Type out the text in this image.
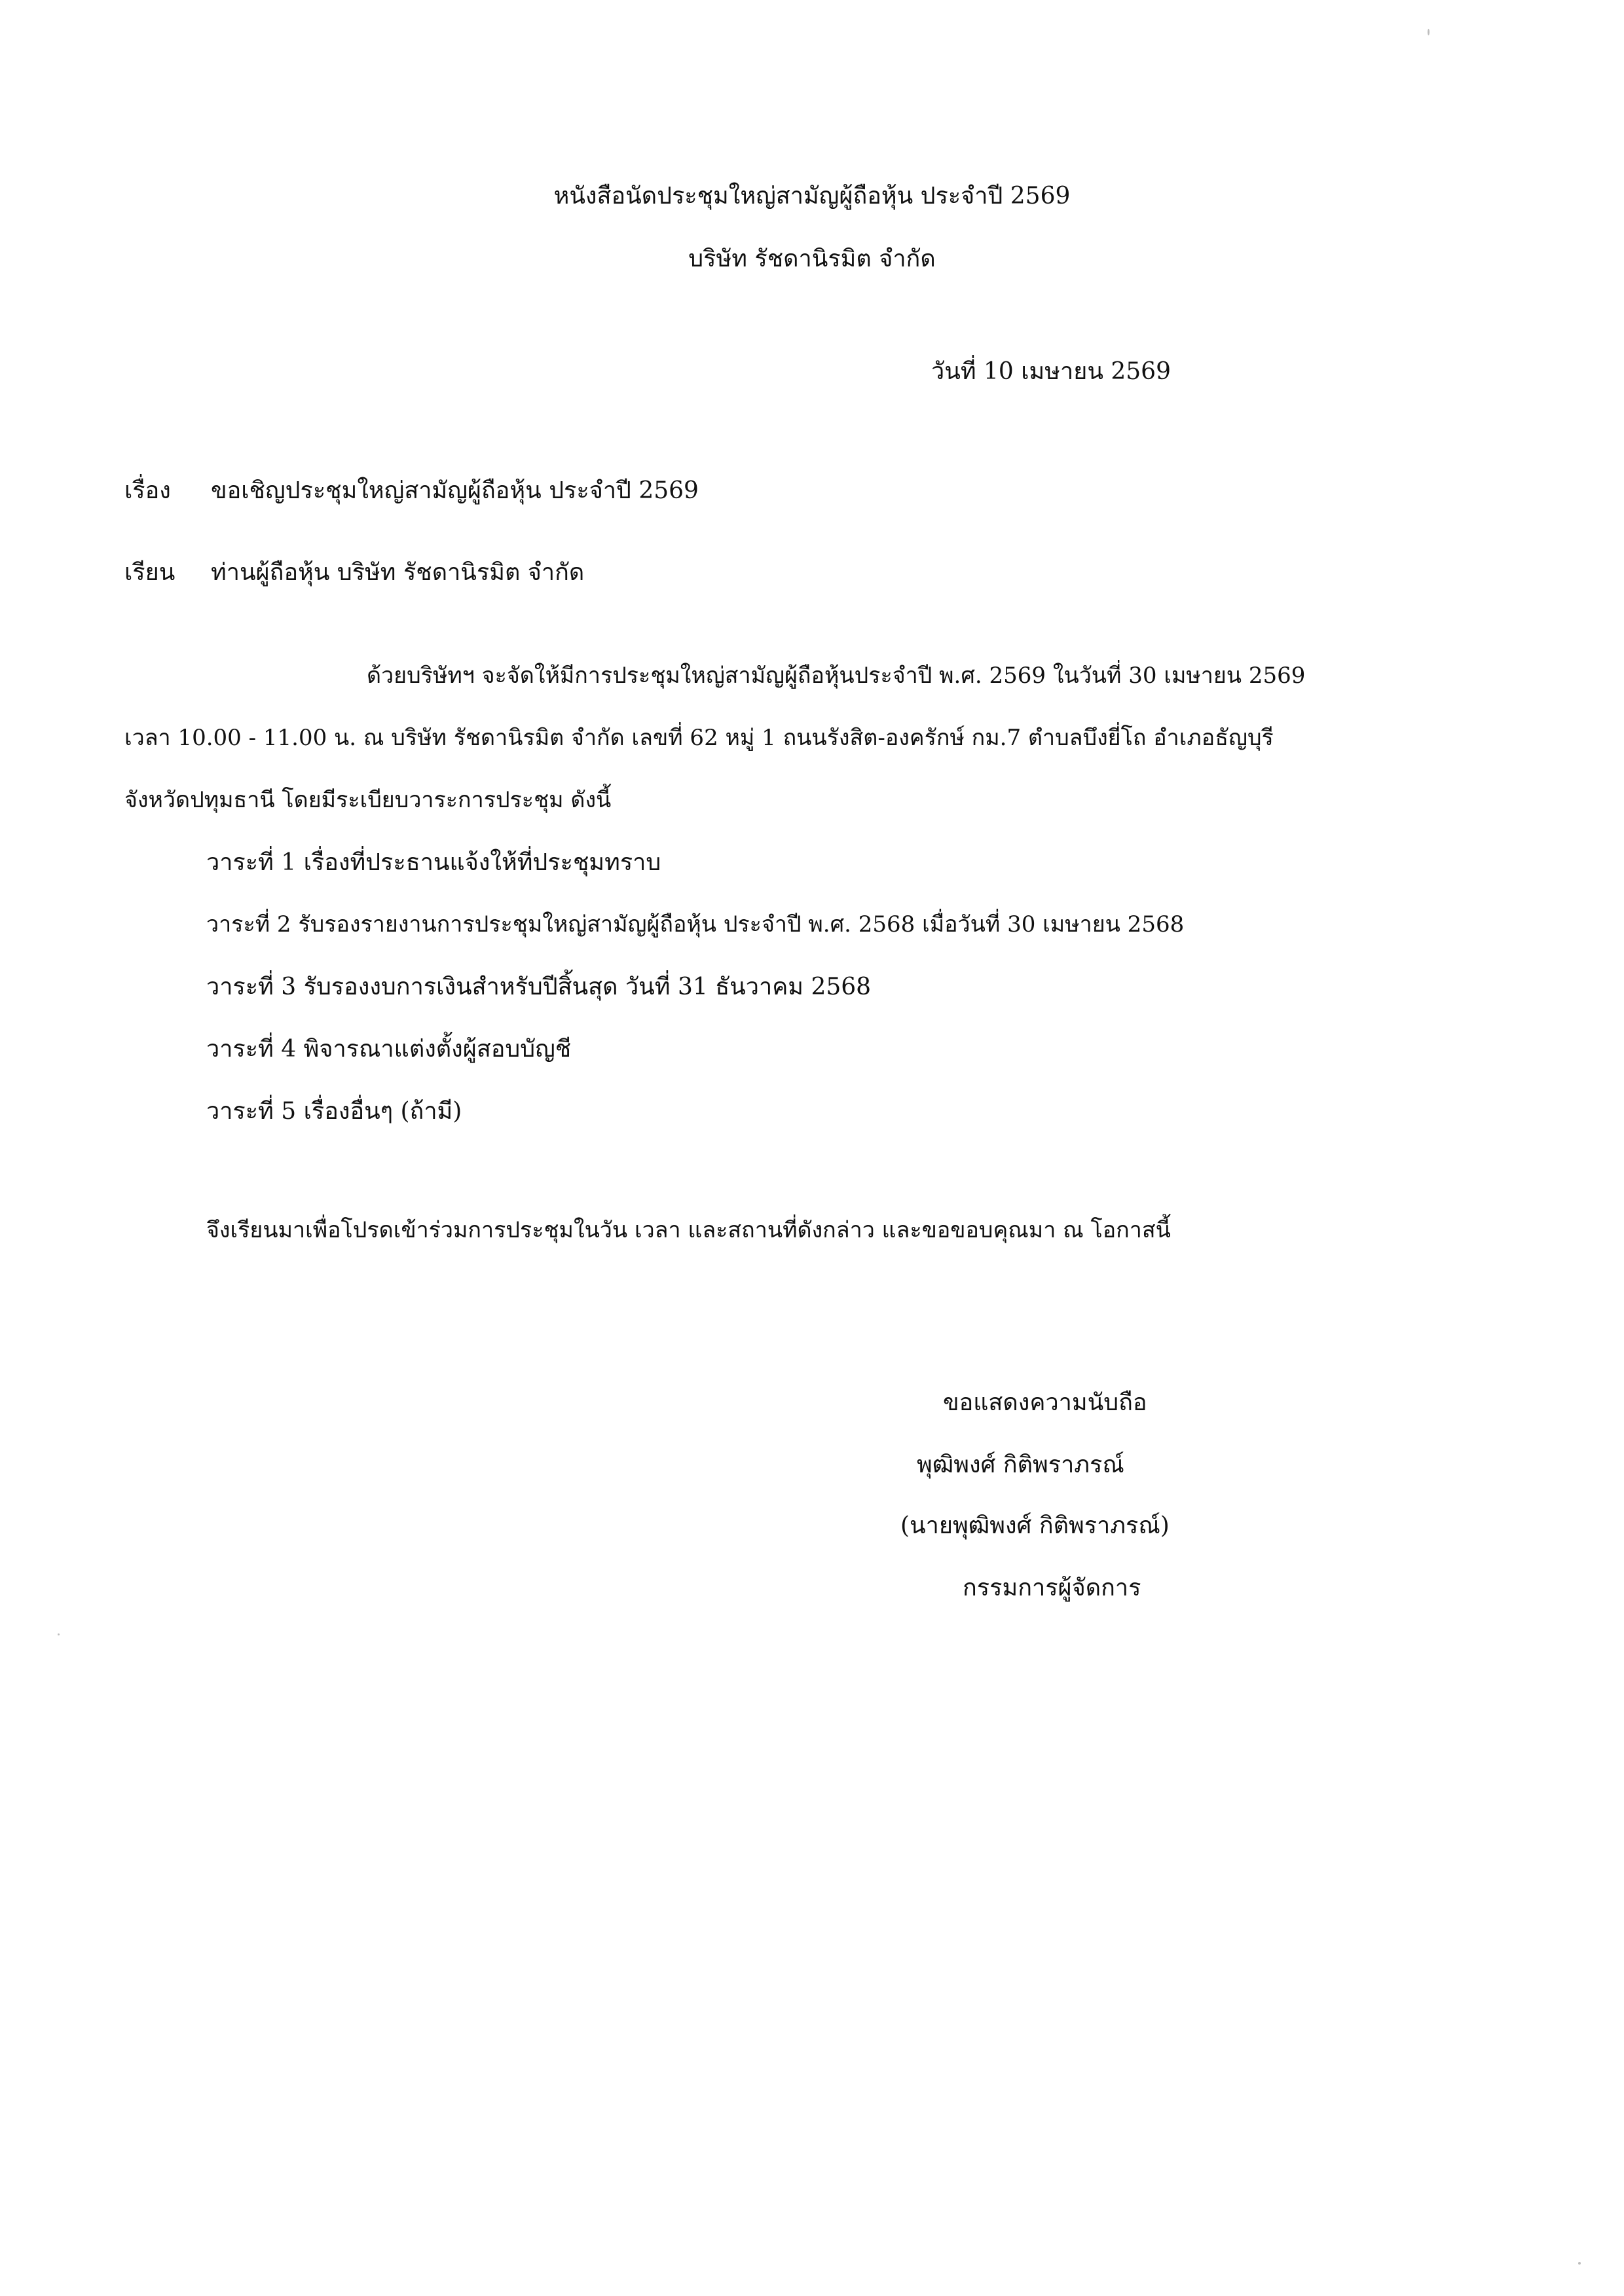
หนังสือนัดประชุมใหญ่สามัญผู้ถือหุ้น ประจำปี 2569
บริษัท รัชดานิรมิต จำกัด
วันที่ 10 เมษายน 2569
เรื่อง ขอเชิญประชุมใหญ่สามัญผู้ถือหุ้น ประจำปี 2569
เรียน ท่านผู้ถือหุ้น บริษัท รัชดานิรมิต จำกัด
ด้วยบริษัทฯ จะจัดให้มีการประชุมใหญ่สามัญผู้ถือหุ้นประจำปี พ.ศ. 2569 ในวันที่ 30 เมษายน 2569
เวลา 10.00 - 11.00 น. ณ บริษัท รัชดานิรมิต จำกัด เลขที่ 62 หมู่ 1 ถนนรังสิต-องครักษ์ กม.7 ตำบลบึงยี่โถ อำเภอธัญบุรี
จังหวัดปทุมธานี โดยมีระเบียบวาระการประชุม ดังนี้
วาระที่ 1 เรื่องที่ประธานแจ้งให้ที่ประชุมทราบ
วาระที่ 2 รับรองรายงานการประชุมใหญ่สามัญผู้ถือหุ้น ประจำปี พ.ศ. 2568 เมื่อวันที่ 30 เมษายน 2568
วาระที่ 3 รับรองงบการเงินสำหรับปีสิ้นสุด วันที่ 31 ธันวาคม 2568
วาระที่ 4 พิจารณาแต่งตั้งผู้สอบบัญชี
วาระที่ 5 เรื่องอื่นๆ (ถ้ามี)
จึงเรียนมาเพื่อโปรดเข้าร่วมการประชุมในวัน เวลา และสถานที่ดังกล่าว และขอขอบคุณมา ณ โอกาสนี้
ขอแสดงความนับถือ
พุฒิพงศ์ กิติพราภรณ์
(นายพุฒิพงศ์ กิติพราภรณ์)
กรรมการผู้จัดการ
